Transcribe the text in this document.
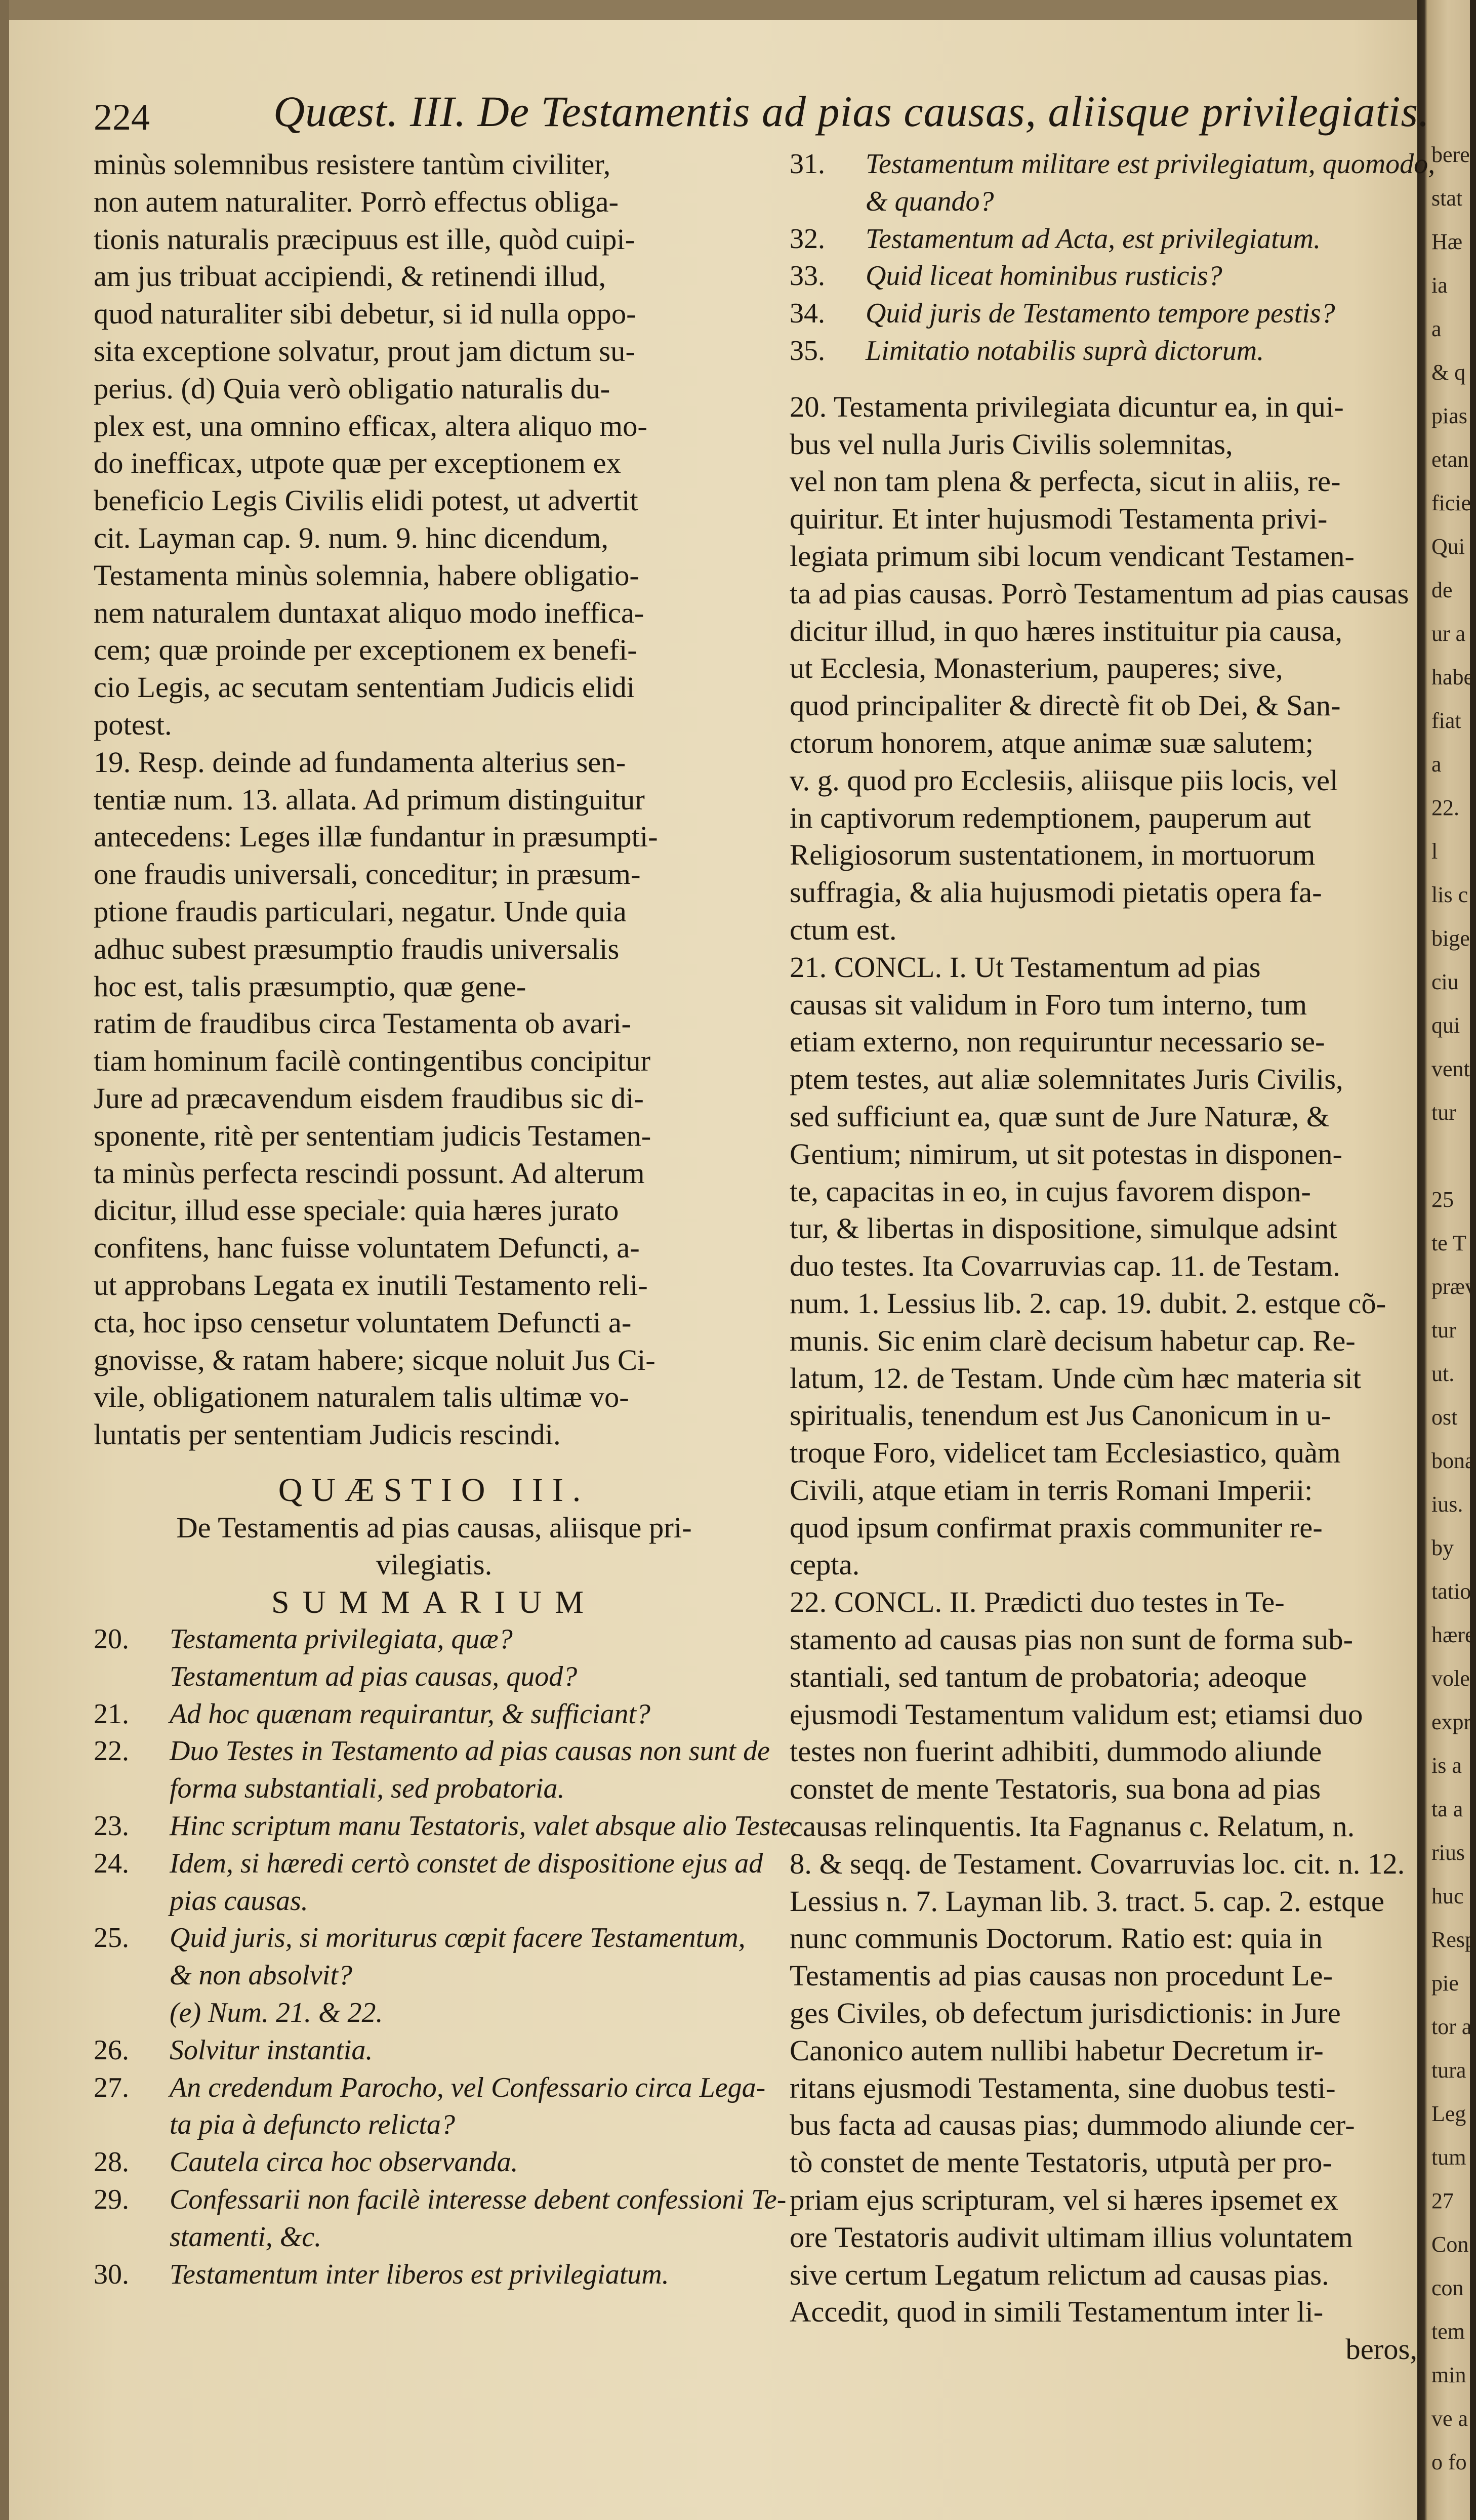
bere
stat
Hæ
ia
a
& q
pias
etan
ficie
Qui
de
ur a
habe
fiat
a
22.
l
lis c
bige
ciu
qui
vent
tur
25
te T
præv
tur
ut.
ost
bona
ius.
by
tatio
hære
vole
expr
is a
ta a
rius
huc
Resp
pie
tor a
tura
Leg
tum
27
Con
con
tem
min
ve a
o fo
224	Quæst. III. De Testamentis ad pias causas, aliisque privilegiatis.
minùs solemnibus resistere tantùm civiliter,
non autem naturaliter. Porrò effectus obliga-
tionis naturalis præcipuus est ille, quòd cuipi-
am jus tribuat accipiendi, & retinendi illud,
quod naturaliter sibi debetur, si id nulla oppo-
sita exceptione solvatur, prout jam dictum su-
perius. (d) Quia verò obligatio naturalis du-
plex est, una omnino efficax, altera aliquo mo-
do inefficax, utpote quæ per exceptionem ex
beneficio Legis Civilis elidi potest, ut advertit
cit. Layman cap. 9. num. 9. hinc dicendum,
Testamenta minùs solemnia, habere obligatio-
nem naturalem duntaxat aliquo modo inefficа-
cem; quæ proinde per exceptionem ex benefi-
cio Legis, ac secutam sententiam Judicis elidi
potest.
19. Resp. deinde ad fundamenta alterius sen-
tentiæ num. 13. allata. Ad primum distinguitur
antecedens: Leges illæ fundantur in præsumpti-
one fraudis universali, conceditur; in præsum-
ptione fraudis particulari, negatur. Unde quia
adhuc subest præsumptio fraudis universalis
hoc est, talis præsumptio, quæ gene-
ratim de fraudibus circa Testamenta ob avari-
tiam hominum facilè contingentibus concipitur
Jure ad præcavendum eisdem fraudibus sic di-
sponente, ritè per sententiam judicis Testamen-
ta minùs perfecta rescindi possunt. Ad alterum
dicitur, illud esse speciale: quia hæres jurato
confitens, hanc fuisse voluntatem Defuncti, a-
ut approbans Legata ex inutili Testamento reli-
cta, hoc ipso censetur voluntatem Defuncti a-
gnovisse, & ratam habere; sicque noluit Jus Ci-
vile, obligationem naturalem talis ultimæ vo-
luntatis per sententiam Judicis rescindi.
QUÆSTIO III.
De Testamentis ad pias causas, aliisque pri-
vilegiatis.
SUMMARIUM
20. Testamenta privilegiata, quæ?
Testamentum ad pias causas, quod?
21. Ad hoc quænam requirantur, & sufficiant?
22. Duo Testes in Testamento ad pias causas non sunt de
forma substantiali, sed probatoria.
23. Hinc scriptum manu Testatoris, valet absque alio Teste.
24. Idem, si hæredi certò constet de dispositione ejus ad
pias causas.
25. Quid juris, si moriturus cœpit facere Testamentum,
& non absolvit?
(e) Num. 21. & 22.
26. Solvitur instantia.
27. An credendum Parocho, vel Confessario circa Lega-
ta pia à defuncto relicta?
28. Cautela circa hoc observanda.
29. Confessarii non facilè interesse debent confessioni Te-
stamenti, &c.
30. Testamentum inter liberos est privilegiatum.
31. Testamentum militare est privilegiatum, quomodo,
& quando?
32. Testamentum ad Acta, est privilegiatum.
33. Quid liceat hominibus rusticis?
34. Quid juris de Testamento tempore pestis?
35. Limitatio notabilis suprà dictorum.
20. Testamenta privilegiata dicuntur ea, in qui-
bus vel nulla Juris Civilis solemnitas,
vel non tam plena & perfecta, sicut in aliis, re-
quiritur. Et inter hujusmodi Testamenta privi-
legiata primum sibi locum vendicant Testamen-
ta ad pias causas. Porrò Testamentum ad pias causas
dicitur illud, in quo hæres instituitur pia causa,
ut Ecclesia, Monasterium, pauperes; sive,
quod principaliter & directè fit ob Dei, & San-
ctorum honorem, atque animæ suæ salutem;
v. g. quod pro Ecclesiis, aliisque piis locis, vel
in captivorum redemptionem, pauperum aut
Religiosorum sustentationem, in mortuorum
suffragia, & alia hujusmodi pietatis opera fa-
ctum est.
21. CONCL. I. Ut Testamentum ad pias
causas sit validum in Foro tum interno, tum
etiam externo, non requiruntur necessario se-
ptem testes, aut aliæ solemnitates Juris Civilis,
sed sufficiunt ea, quæ sunt de Jure Naturæ, &
Gentium; nimirum, ut sit potestas in disponen-
te, capacitas in eo, in cujus favorem dispon-
tur, & libertas in dispositione, simulque adsint
duo testes. Ita Covarruvias cap. 11. de Testam.
num. 1. Lessius lib. 2. cap. 19. dubit. 2. estque cõ-
munis. Sic enim clarè decisum habetur cap. Re-
latum, 12. de Testam. Unde cùm hæc materia sit
spiritualis, tenendum est Jus Canonicum in u-
troque Foro, videlicet tam Ecclesiastico, quàm
Civili, atque etiam in terris Romani Imperii:
quod ipsum confirmat praxis communiter re-
cepta.
22. CONCL. II. Prædicti duo testes in Te-
stamento ad causas pias non sunt de forma sub-
stantiali, sed tantum de probatoria; adeoque
ejusmodi Testamentum validum est; etiamsi duo
testes non fuerint adhibiti, dummodo aliunde
constet de mente Testatoris, sua bona ad pias
causas relinquentis. Ita Fagnanus c. Relatum, n.
8. & seqq. de Testament. Covarruvias loc. cit. n. 12.
Lessius n. 7. Layman lib. 3. tract. 5. cap. 2. estque
nunc communis Doctorum. Ratio est: quia in
Testamentis ad pias causas non procedunt Le-
ges Civiles, ob defectum jurisdictionis: in Jure
Canonico autem nullibi habetur Decretum ir-
ritans ejusmodi Testamenta, sine duobus testi-
bus facta ad causas pias; dummodo aliunde cer-
tò constet de mente Testatoris, utputà per pro-
priam ejus scripturam, vel si hæres ipsemet ex
ore Testatoris audivit ultimam illius voluntatem
sive certum Legatum relictum ad causas pias.
Accedit, quod in simili Testamentum inter li-
beros,
